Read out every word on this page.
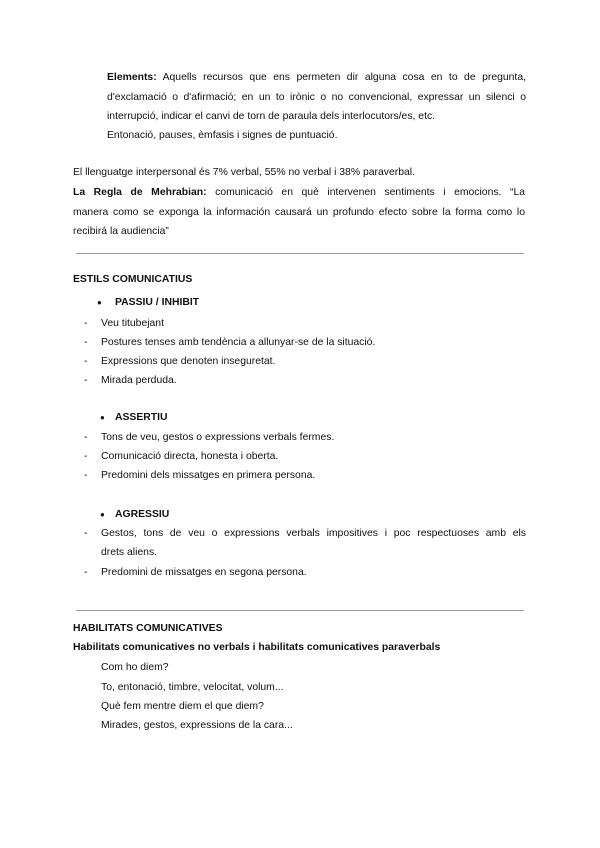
Elements: Aquells recursos que ens permeten dir alguna cosa en to de pregunta,
d'exclamació o d'afirmació; en un to irònic o no convencional, expressar un silenci o
interrupció, indicar el canvi de torn de paraula dels interlocutors/es, etc.
Entonació, pauses, èmfasis i signes de puntuació.
El llenguatge interpersonal és 7% verbal, 55% no verbal i 38% paraverbal.
La Regla de Mehrabian: comunicació en què intervenen sentiments i emocions. “La
manera como se exponga la información causará un profundo efecto sobre la forma como lo
recibirá la audiencia”
ESTILS COMUNICATIUS
● PASSIU / INHIBIT
- Veu titubejant
- Postures tenses amb tendència a allunyar-se de la situació.
- Expressions que denoten inseguretat.
- Mirada perduda.
● ASSERTIU
- Tons de veu, gestos o expressions verbals fermes.
- Comunicació directa, honesta i oberta.
- Predomini dels missatges en primera persona.
● AGRESSIU
- Gestos, tons de veu o expressions verbals impositives i poc respectuoses amb els
drets aliens.
- Predomini de missatges en segona persona.
HABILITATS COMUNICATIVES
Habilitats comunicatives no verbals i habilitats comunicatives paraverbals
Com ho diem?
To, entonació, timbre, velocitat, volum...
Què fem mentre diem el que diem?
Mirades, gestos, expressions de la cara...
